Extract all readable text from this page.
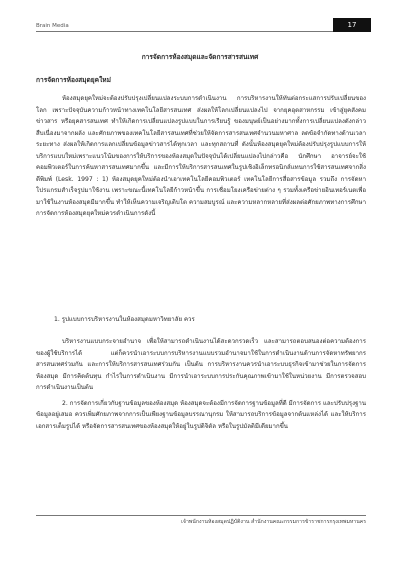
Brain Media	17
การจัดการห้องสมุดและจัดการสารสนเทศ
การจัดการห้องสมุดยุคใหม่

ห้องสมุดยุคใหม่จะต้องปรับปรุงเปลี่ยนแปลงระบบการดำเนินงาน การบริหารงานให้ทันต่อกระแสการปรับเปลี่ยนของโลก เพราะปัจจุบันความก้าวหน้าทางเทคโนโลยีสารสนเทศ ส่งผลให้โลกเปลี่ยนแปลงไป จากยุคอุตสาหกรรม เข้าสู่ยุคสังคมข่าวสาร หรือยุคสารสนเทศ ทำให้เกิดการเปลี่ยนแปลงรูปแบบในการเรียนรู้ ของมนุษย์เป็นอย่างมากทั้งการเปลี่ยนแปลงดังกล่าวสืบเนื่องมาจากผลัง และศักยภาพของเทคโนโลยีสารสนเทศที่ช่วยให้จัดการสารสนเทศจำนวนมหาศาล ลดข้อจำกัดทางด้านเวลา ระยะทาง ส่งผลให้เกิดการแลกเปลี่ยนข้อมูลข่าวสารได้ทุกเวลา และทุกสถานที่ ดังนั้นห้องสมุดยุคใหม่ต้องปรับปรุงรูปแบบการให้บริการแบบใหม่เพราะแนวโน้มของการให้บริการของห้องสมุดในปัจจุบันได้เปลี่ยนแปลงไปกล่าวคือ นักศึกษา อาจารย์จะใช้คอมพิวเตอร์ในการค้นหาสารสนเทศมากขึ้น และมีการให้บริการสารสนเทศในรูปเชิงอิเล็กทรอนิกส์แทนการใช้สารสนเทศจากสิ่งตีพิมพ์ (Lesk. 1997 : 1) ห้องสมุดยุคใหม่ต้องนำเอาเทคโนโลยีคอมพิวเตอร์ เทคโนโลยีการสื่อสารข้อมูล รวมถึง การจัดหาโปรแกรมสำเร็จรูปมาใช้งาน เพราะขณะนี้เทคโนโลยีก้าวหน้าขึ้น การเชื่อมโยงเครือข่ายต่าง ๆ รวมทั้งเครือข่ายอินเทอร์เนตเพื่อมาใช้ในงานห้องสมุดมีมากขึ้น ทำให้เห็นความเจริญเติบโต ความสมบูรณ์ และความหลากหลายที่ส่งผลต่อศักยภาพทางการศึกษา การจัดการห้องสมุดยุคใหม่ควรดำเนินการดังนี้

1. รูปแบบการบริหารงานในห้องสมุดมหาวิทยาลัย ควร

บริหารงานแบบกระจายอำนาจ เพื่อให้สามารถดำเนินงานได้สะดวกรวดเร็ว และสามารถตอบสนองต่อความต้องการของผู้ใช้บริการได้ แต่ก็ควรนำเอาระบบการบริหารงานแบบรวมอำนาจมาใช้ในการดำเนินงานด้านการจัดหาทรัพยากรสารสนเทศร่วมกัน และการให้บริการสารสนเทศร่วมกัน เป็นต้น การบริหารงานควรนำเอาระบบธุรกิจเข้ามาช่วยในการจัดการห้องสมุด มีการคิดต้นทุน กำไรในการดำเนินงาน มีการนำเอาระบบการประกันคุณภาพเข้ามาใช้ในหน่วยงาน มีการตรวจสอบการดำเนินงานเป็นต้น

2. การจัดการเกี่ยวกับฐานข้อมูลของห้องสมุด ห้องสมุดจะต้องมีการจัดการฐานข้อมูลที่ดี มีการจัดการ และปรับปรุงฐานข้อมูลอยู่เสมอ ควรเพิ่มศักยภาพจากการเป็นเพียงฐานข้อมูลบรรณานุกรม ให้สามารถบริการข้อมูลจากต้นแหล่งได้ และให้บริการเอกสารเต็มรูปได้ หรือจัดการสารสนเทศของห้องสมุดให้อยู่ในรูปดิจิตัล หรือในรูปมัลติมีเดียมากขึ้น

เจ้าพนักงานห้องสมุดปฏิบัติงาน สำนักงานคณะกรรมการข้าราชการกรุงเทพมหานคร
